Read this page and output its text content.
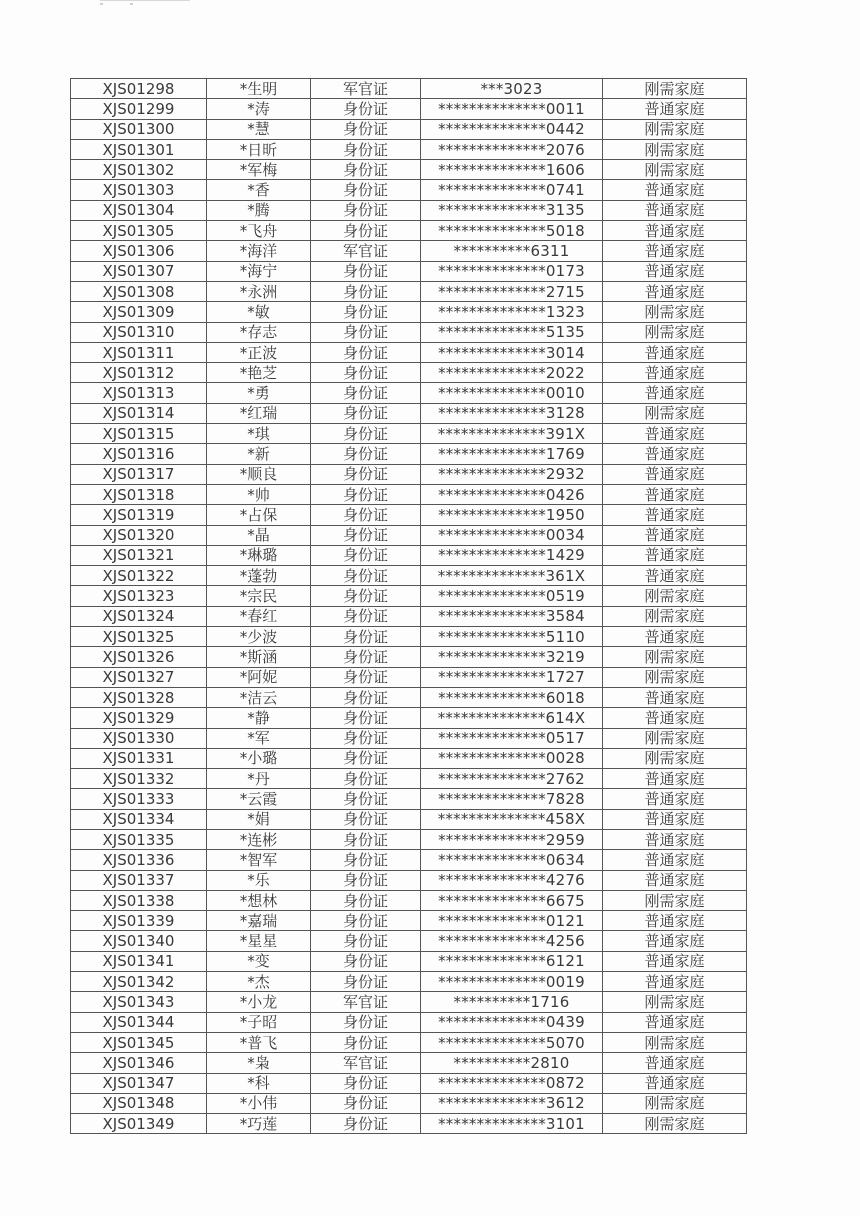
XJS01298	*生明	军官证	***3023	刚需家庭
XJS01299	*涛	身份证	**************0011	普通家庭
XJS01300	*慧	身份证	**************0442	刚需家庭
XJS01301	*日昕	身份证	**************2076	刚需家庭
XJS01302	*军梅	身份证	**************1606	刚需家庭
XJS01303	*香	身份证	**************0741	普通家庭
XJS01304	*腾	身份证	**************3135	普通家庭
XJS01305	*飞舟	身份证	**************5018	普通家庭
XJS01306	*海洋	军官证	**********6311	普通家庭
XJS01307	*海宁	身份证	**************0173	普通家庭
XJS01308	*永洲	身份证	**************2715	普通家庭
XJS01309	*敏	身份证	**************1323	刚需家庭
XJS01310	*存志	身份证	**************5135	刚需家庭
XJS01311	*正波	身份证	**************3014	普通家庭
XJS01312	*艳芝	身份证	**************2022	普通家庭
XJS01313	*勇	身份证	**************0010	普通家庭
XJS01314	*红瑞	身份证	**************3128	刚需家庭
XJS01315	*琪	身份证	**************391X	普通家庭
XJS01316	*新	身份证	**************1769	普通家庭
XJS01317	*顺良	身份证	**************2932	普通家庭
XJS01318	*帅	身份证	**************0426	普通家庭
XJS01319	*占保	身份证	**************1950	普通家庭
XJS01320	*晶	身份证	**************0034	普通家庭
XJS01321	*琳璐	身份证	**************1429	普通家庭
XJS01322	*蓬勃	身份证	**************361X	普通家庭
XJS01323	*宗民	身份证	**************0519	刚需家庭
XJS01324	*春红	身份证	**************3584	刚需家庭
XJS01325	*少波	身份证	**************5110	普通家庭
XJS01326	*斯涵	身份证	**************3219	刚需家庭
XJS01327	*阿妮	身份证	**************1727	刚需家庭
XJS01328	*洁云	身份证	**************6018	普通家庭
XJS01329	*静	身份证	**************614X	普通家庭
XJS01330	*军	身份证	**************0517	刚需家庭
XJS01331	*小璐	身份证	**************0028	刚需家庭
XJS01332	*丹	身份证	**************2762	普通家庭
XJS01333	*云霞	身份证	**************7828	普通家庭
XJS01334	*娟	身份证	**************458X	普通家庭
XJS01335	*连彬	身份证	**************2959	普通家庭
XJS01336	*智军	身份证	**************0634	普通家庭
XJS01337	*乐	身份证	**************4276	普通家庭
XJS01338	*想林	身份证	**************6675	刚需家庭
XJS01339	*嘉瑞	身份证	**************0121	普通家庭
XJS01340	*星星	身份证	**************4256	普通家庭
XJS01341	*变	身份证	**************6121	普通家庭
XJS01342	*杰	身份证	**************0019	普通家庭
XJS01343	*小龙	军官证	**********1716	刚需家庭
XJS01344	*子昭	身份证	**************0439	普通家庭
XJS01345	*普飞	身份证	**************5070	刚需家庭
XJS01346	*枭	军官证	**********2810	普通家庭
XJS01347	*科	身份证	**************0872	普通家庭
XJS01348	*小伟	身份证	**************3612	刚需家庭
XJS01349	*巧莲	身份证	**************3101	刚需家庭
